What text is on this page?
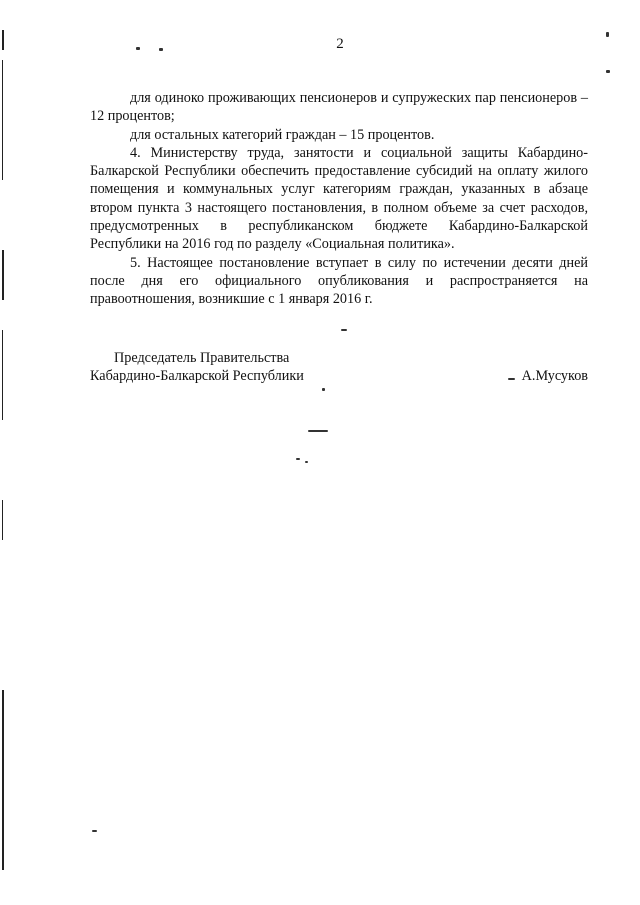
2

для одиноко проживающих пенсионеров и супружеских пар пенсионеров – 12 процентов;

для остальных категорий граждан – 15 процентов.

4. Министерству труда, занятости и социальной защиты Кабардино-Балкарской Республики обеспечить предоставление субсидий на оплату жилого помещения и коммунальных услуг категориям граждан, указанных в абзаце втором пункта 3 настоящего постановления, в полном объеме за счет расходов, предусмотренных в республиканском бюджете Кабардино-Балкарской Республики на 2016 год по разделу «Социальная политика».

5. Настоящее постановление вступает в силу по истечении десяти дней после дня его официального опубликования и распространяется на правоотношения, возникшие с 1 января 2016 г.

Председатель Правительства
Кабардино-Балкарской Республики	А.Мусуков
